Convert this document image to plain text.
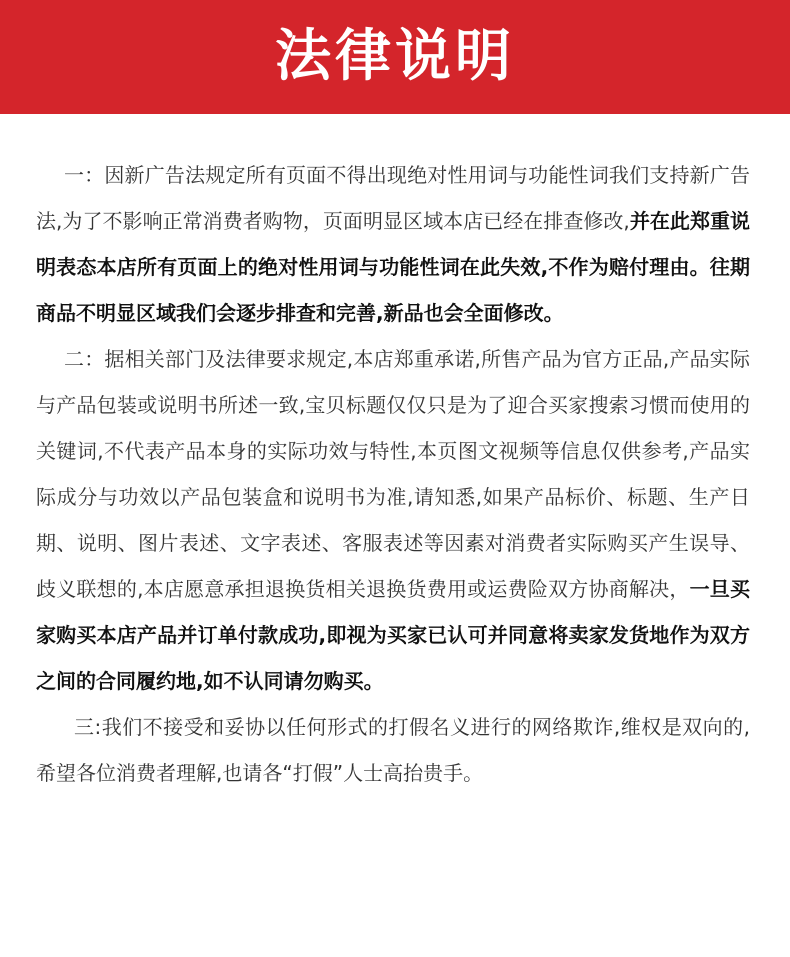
法律说明

一：因新广告法规定所有页面不得出现绝对性用词与功能性词我们支持新广告法,为了不影响正常消费者购物，页面明显区域本店已经在排查修改,并在此郑重说明表态本店所有页面上的绝对性用词与功能性词在此失效,不作为赔付理由。往期商品不明显区域我们会逐步排查和完善,新品也会全面修改。

二：据相关部门及法律要求规定,本店郑重承诺,所售产品为官方正品,产品实际与产品包装或说明书所述一致,宝贝标题仅仅只是为了迎合买家搜索习惯而使用的关键词,不代表产品本身的实际功效与特性,本页图文视频等信息仅供参考,产品实际成分与功效以产品包装盒和说明书为准,请知悉,如果产品标价、标题、生产日期、说明、图片表述、文字表述、客服表述等因素对消费者实际购买产生误导、歧义联想的,本店愿意承担退换货相关退换货费用或运费险双方协商解决，一旦买家购买本店产品并订单付款成功,即视为买家已认可并同意将卖家发货地作为双方之间的合同履约地,如不认同请勿购买。

三:我们不接受和妥协以任何形式的打假名义进行的网络欺诈,维权是双向的,希望各位消费者理解,也请各“打假”人士高抬贵手。
